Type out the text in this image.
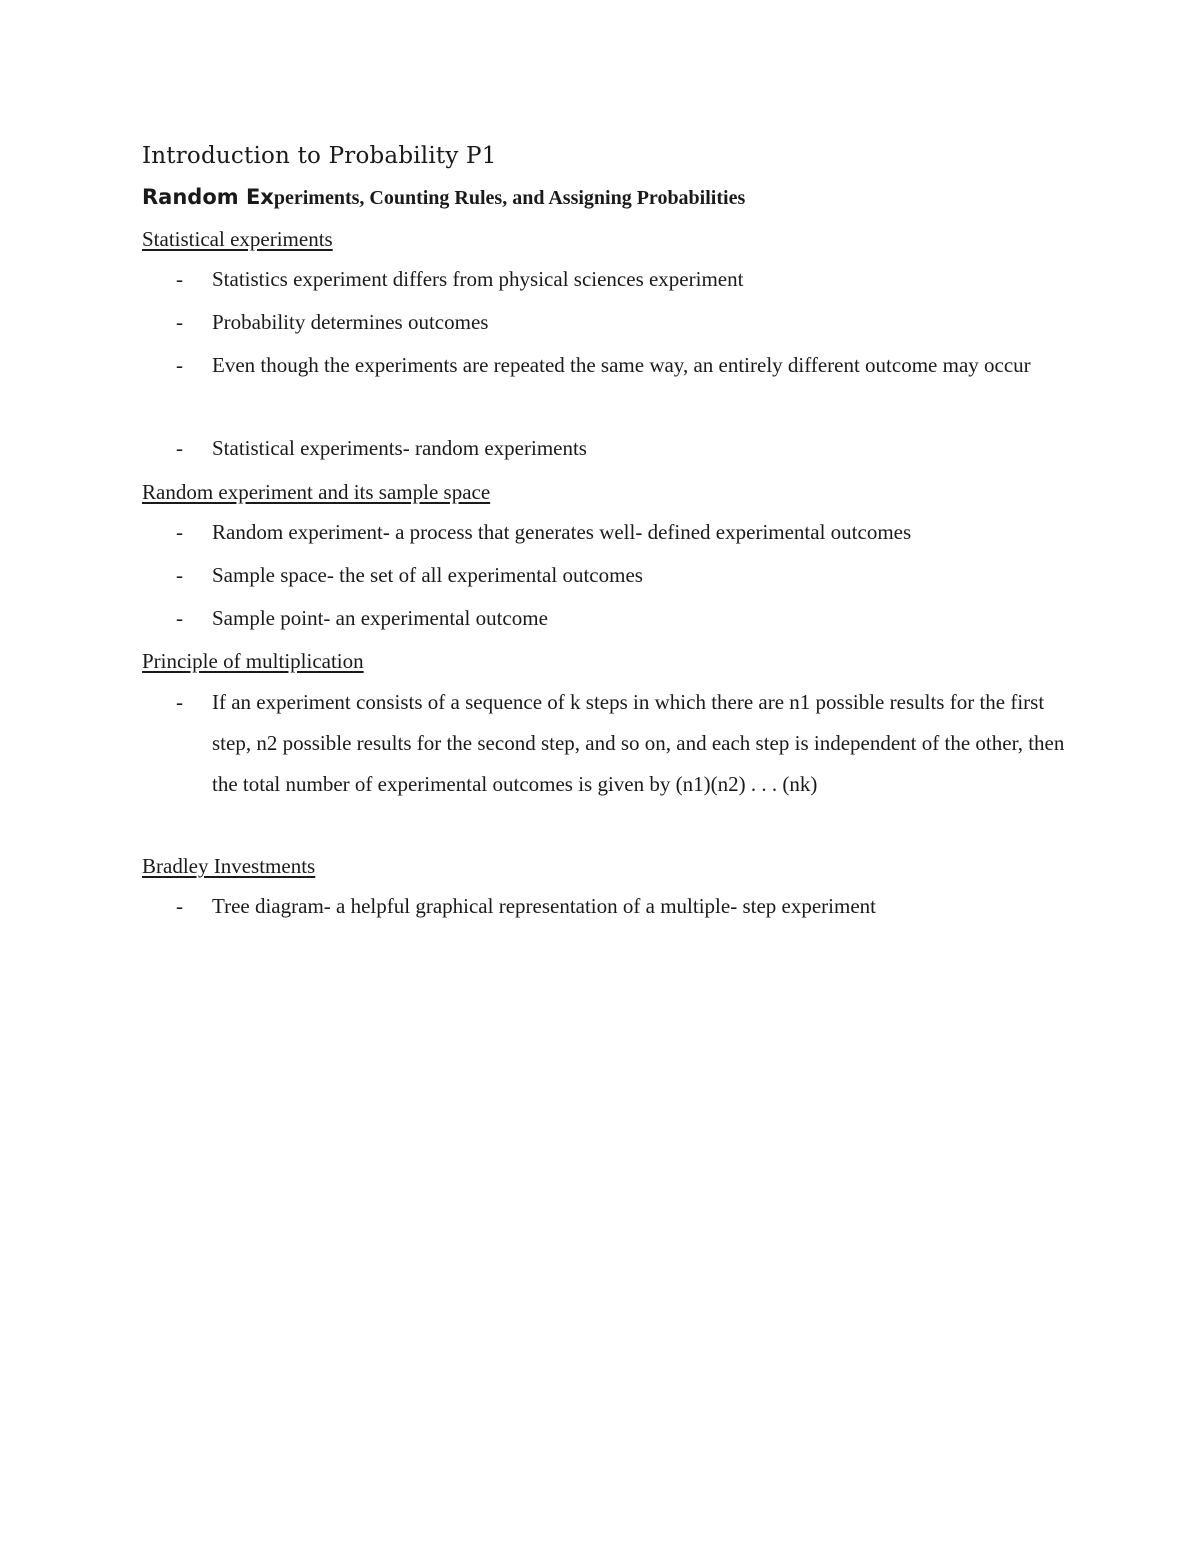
Introduction to Probability P1
Random Experiments, Counting Rules, and Assigning Probabilities
Statistical experiments
- Statistics experiment differs from physical sciences experiment
- Probability determines outcomes
- Even though the experiments are repeated the same way, an entirely different outcome may occur
- Statistical experiments- random experiments
Random experiment and its sample space
- Random experiment- a process that generates well- defined experimental outcomes
- Sample space- the set of all experimental outcomes
- Sample point- an experimental outcome
Principle of multiplication
- If an experiment consists of a sequence of k steps in which there are n1 possible results for the first step, n2 possible results for the second step, and so on, and each step is independent of the other, then the total number of experimental outcomes is given by (n1)(n2) . . . (nk)
Bradley Investments
- Tree diagram- a helpful graphical representation of a multiple- step experiment
